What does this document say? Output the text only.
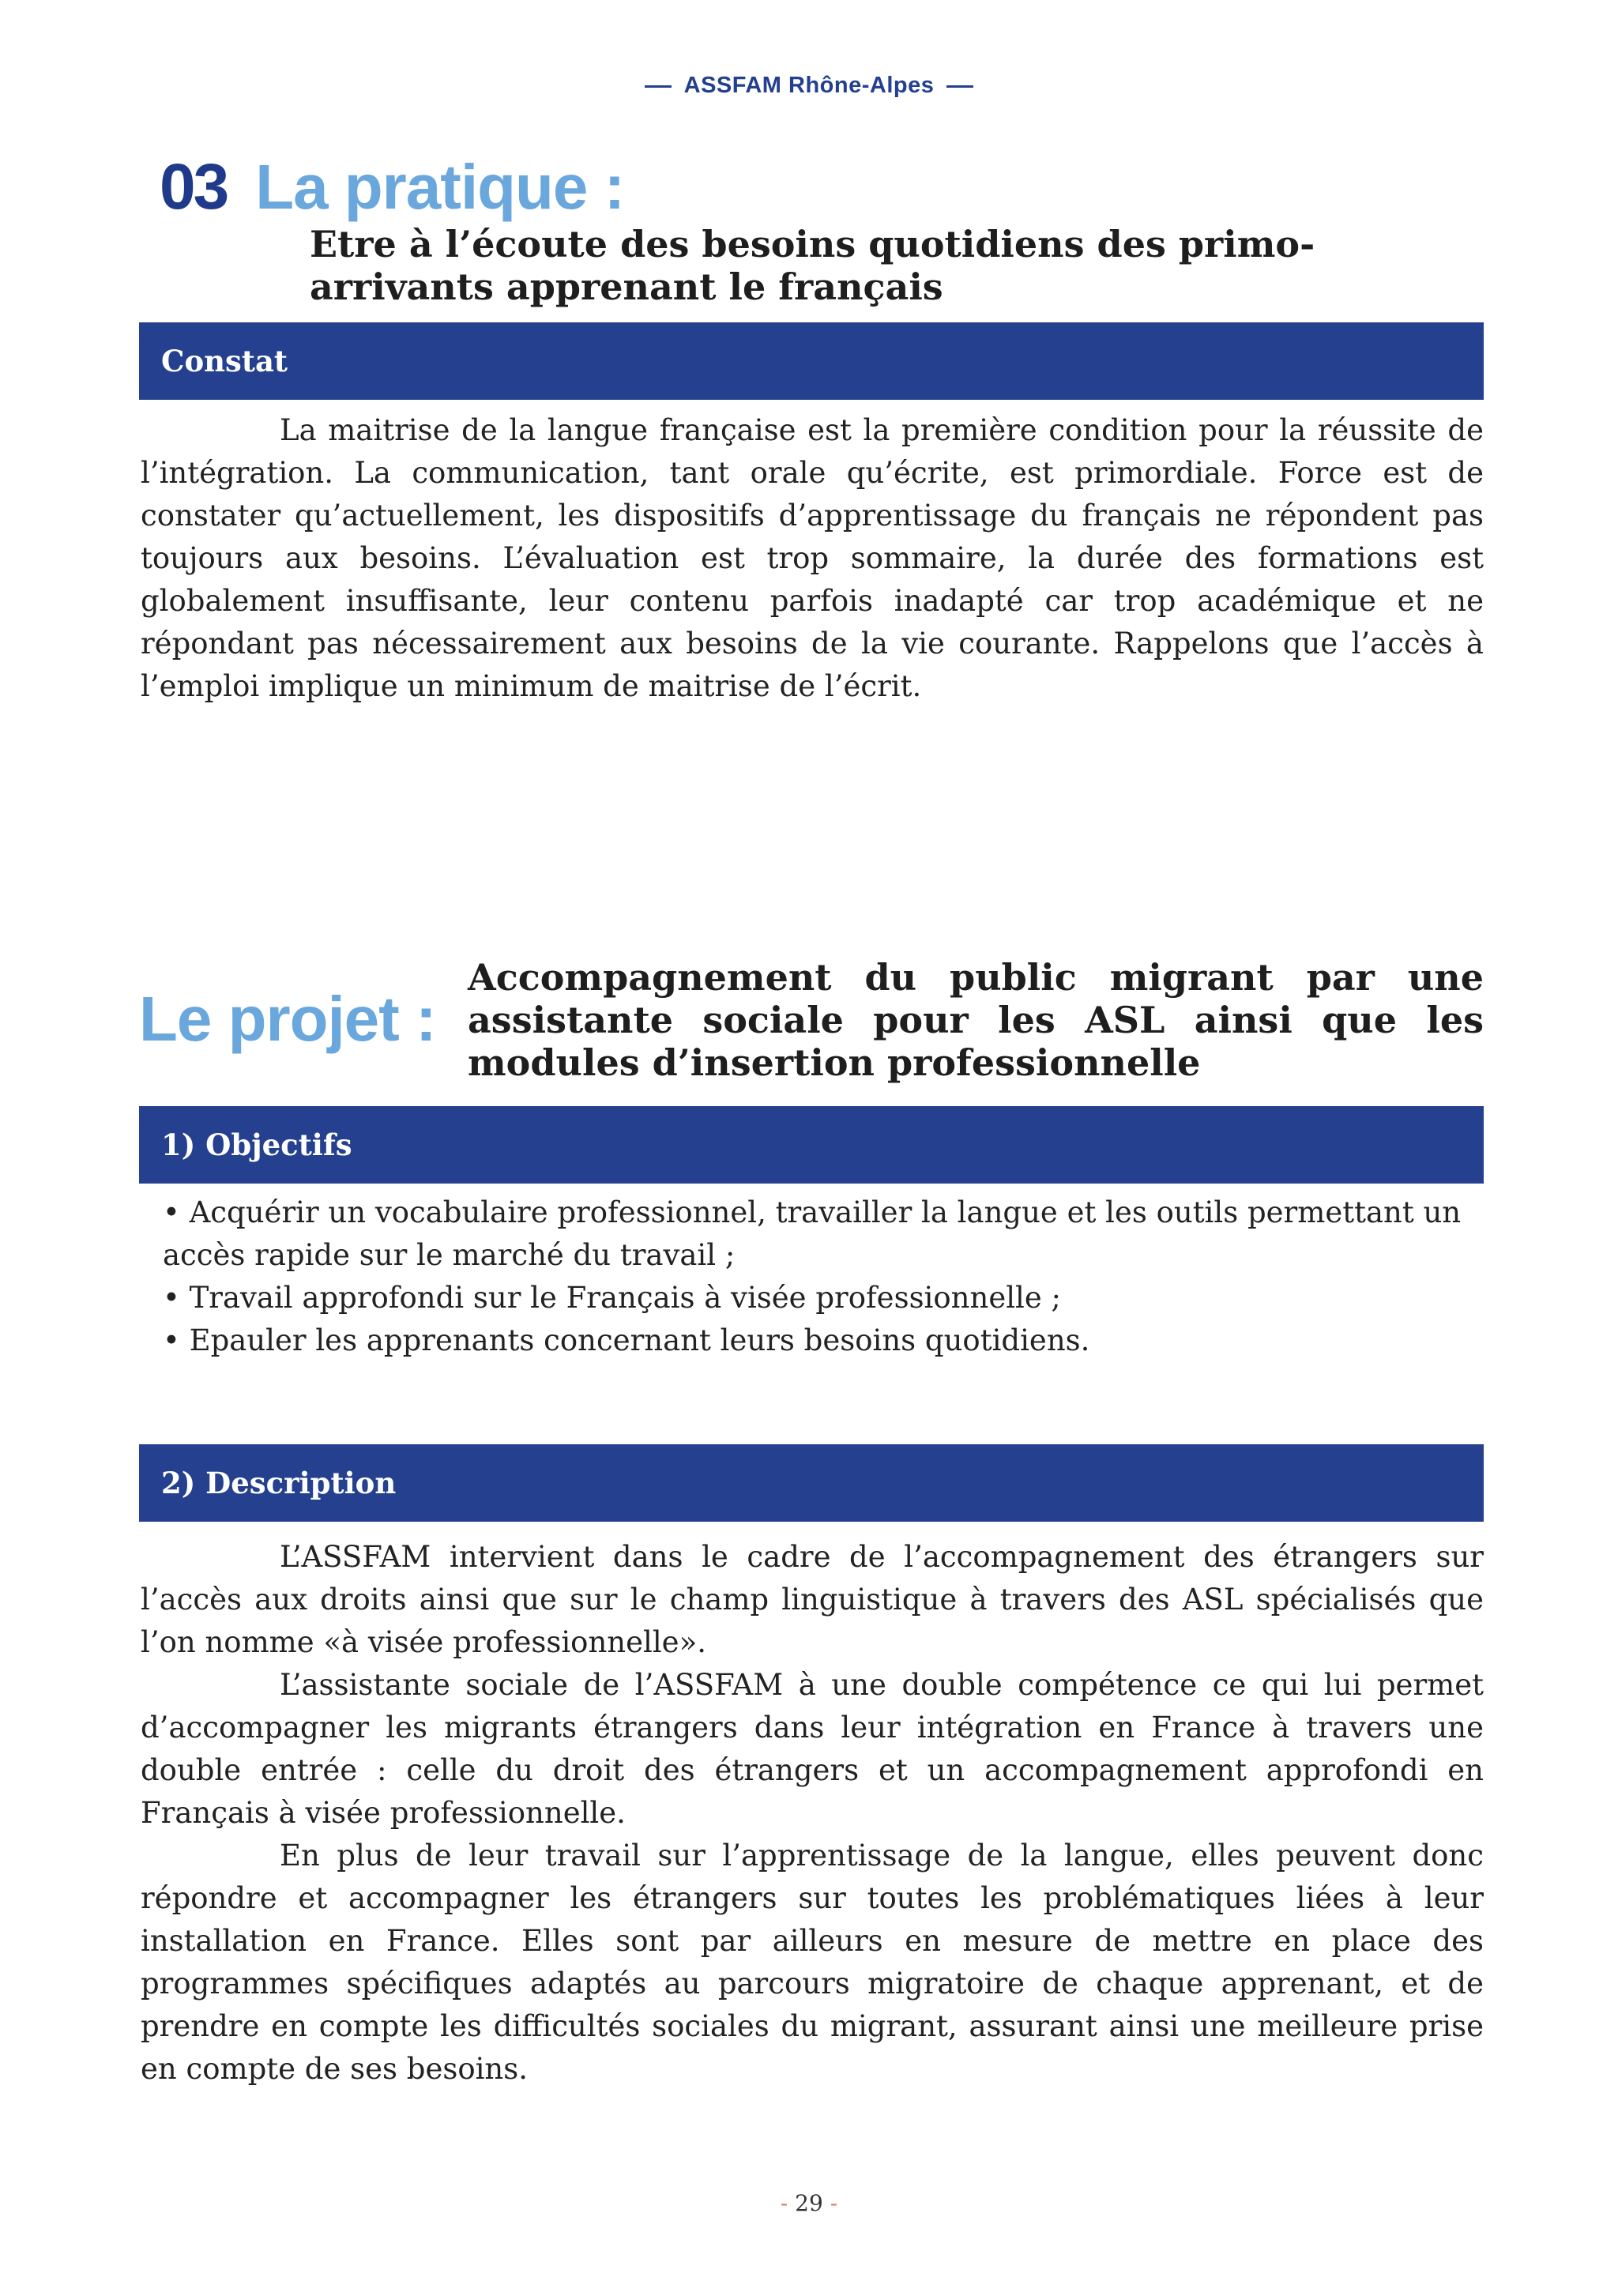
ASSFAM Rhône-Alpes
03 La pratique :
Etre à l’écoute des besoins quotidiens des primo-arrivants apprenant le français
Constat

La maitrise de la langue française est la première condition pour la réussite de l’intégration. La communication, tant orale qu’écrite, est primordiale. Force est de constater qu’actuellement, les dispositifs d’apprentissage du français ne répondent pas toujours aux besoins. L’évaluation est trop sommaire, la durée des formations est globalement insuffisante, leur contenu parfois inadapté car trop académique et ne répondant pas nécessairement aux besoins de la vie courante. Rappelons que l’accès à l’emploi implique un minimum de maitrise de l’écrit.

Le projet :
Accompagnement du public migrant par une assistante sociale pour les ASL ainsi que les modules d’insertion professionnelle
1) Objectifs
• Acquérir un vocabulaire professionnel, travailler la langue et les outils permettant un accès rapide sur le marché du travail ;
• Travail approfondi sur le Français à visée professionnelle ;
• Epauler les apprenants concernant leurs besoins quotidiens.
2) Description

L’ASSFAM intervient dans le cadre de l’accompagnement des étrangers sur l’accès aux droits ainsi que sur le champ linguistique à travers des ASL spécialisés que l’on nomme «à visée professionnelle».

L’assistante sociale de l’ASSFAM à une double compétence ce qui lui permet d’accompagner les migrants étrangers dans leur intégration en France à travers une double entrée : celle du droit des étrangers et un accompagnement approfondi en Français à visée professionnelle.

En plus de leur travail sur l’apprentissage de la langue, elles peuvent donc répondre et accompagner les étrangers sur toutes les problématiques liées à leur installation en France. Elles sont par ailleurs en mesure de mettre en place des programmes spécifiques adaptés au parcours migratoire de chaque apprenant, et de prendre en compte les difficultés sociales du migrant, assurant ainsi une meilleure prise en compte de ses besoins.

- 29 -
